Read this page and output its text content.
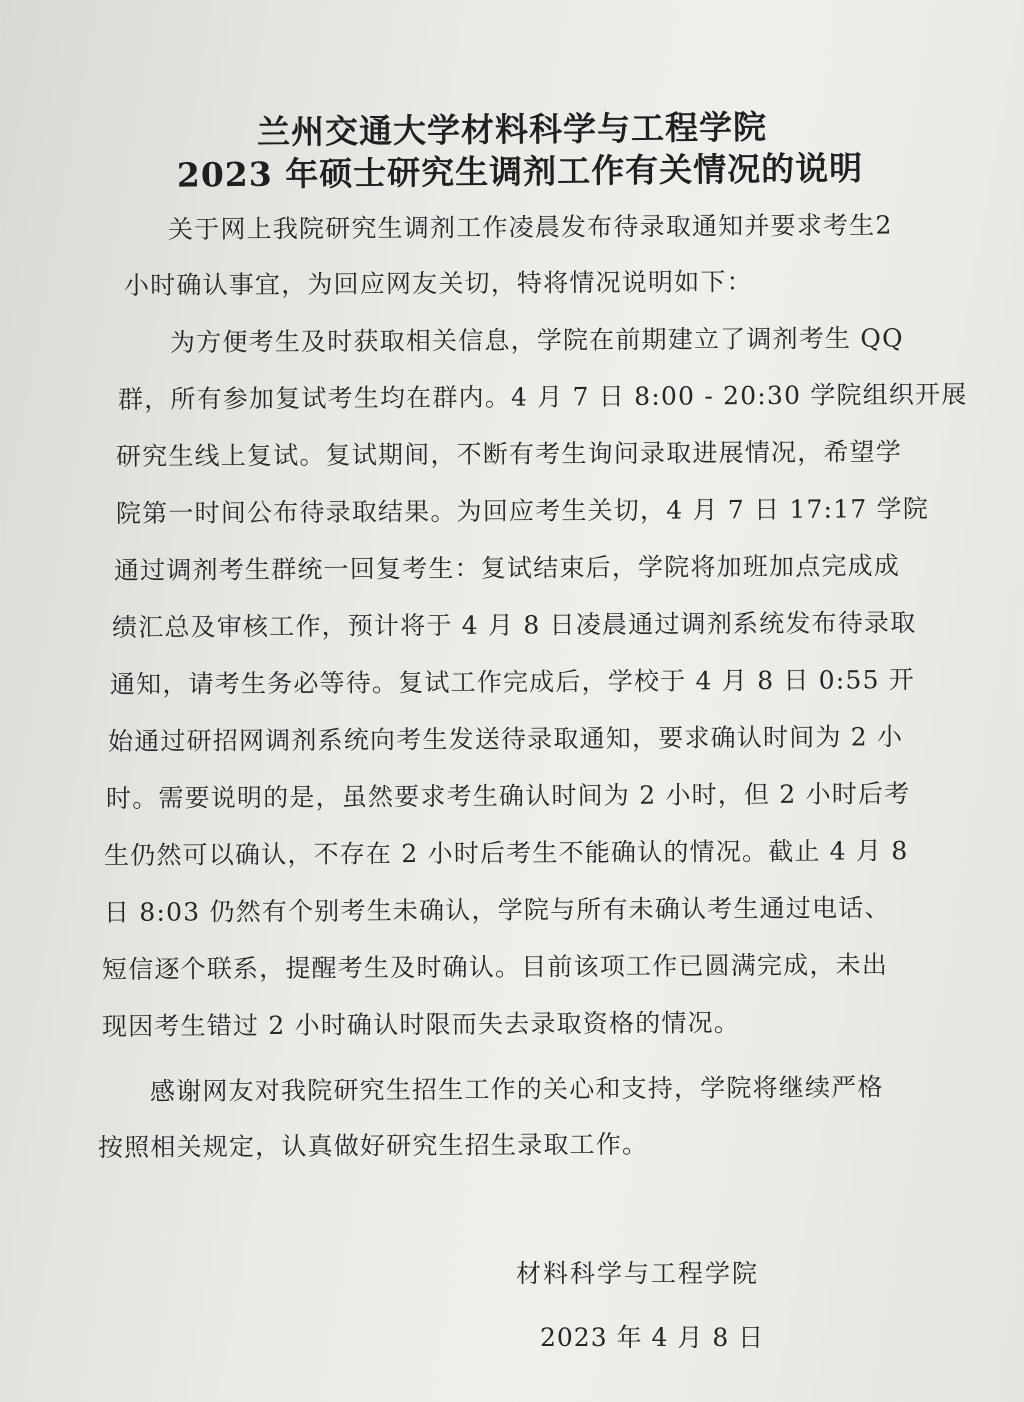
兰州交通大学材料科学与工程学院
2023 年硕士研究生调剂工作有关情况的说明
关于网上我院研究生调剂工作凌晨发布待录取通知并要求考生2
小时确认事宜，为回应网友关切，特将情况说明如下：
为方便考生及时获取相关信息，学院在前期建立了调剂考生 QQ
群，所有参加复试考生均在群内。4 月 7 日 8:00 - 20:30 学院组织开展
研究生线上复试。复试期间，不断有考生询问录取进展情况，希望学
院第一时间公布待录取结果。为回应考生关切，4 月 7 日 17:17 学院
通过调剂考生群统一回复考生：复试结束后，学院将加班加点完成成
绩汇总及审核工作，预计将于 4 月 8 日凌晨通过调剂系统发布待录取
通知，请考生务必等待。复试工作完成后，学校于 4 月 8 日 0:55 开
始通过研招网调剂系统向考生发送待录取通知，要求确认时间为 2 小
时。需要说明的是，虽然要求考生确认时间为 2 小时，但 2 小时后考
生仍然可以确认，不存在 2 小时后考生不能确认的情况。截止 4 月 8
日 8:03 仍然有个别考生未确认，学院与所有未确认考生通过电话、
短信逐个联系，提醒考生及时确认。目前该项工作已圆满完成，未出
现因考生错过 2 小时确认时限而失去录取资格的情况。
感谢网友对我院研究生招生工作的关心和支持，学院将继续严格
按照相关规定，认真做好研究生招生录取工作。
材料科学与工程学院
2023 年 4 月 8 日
